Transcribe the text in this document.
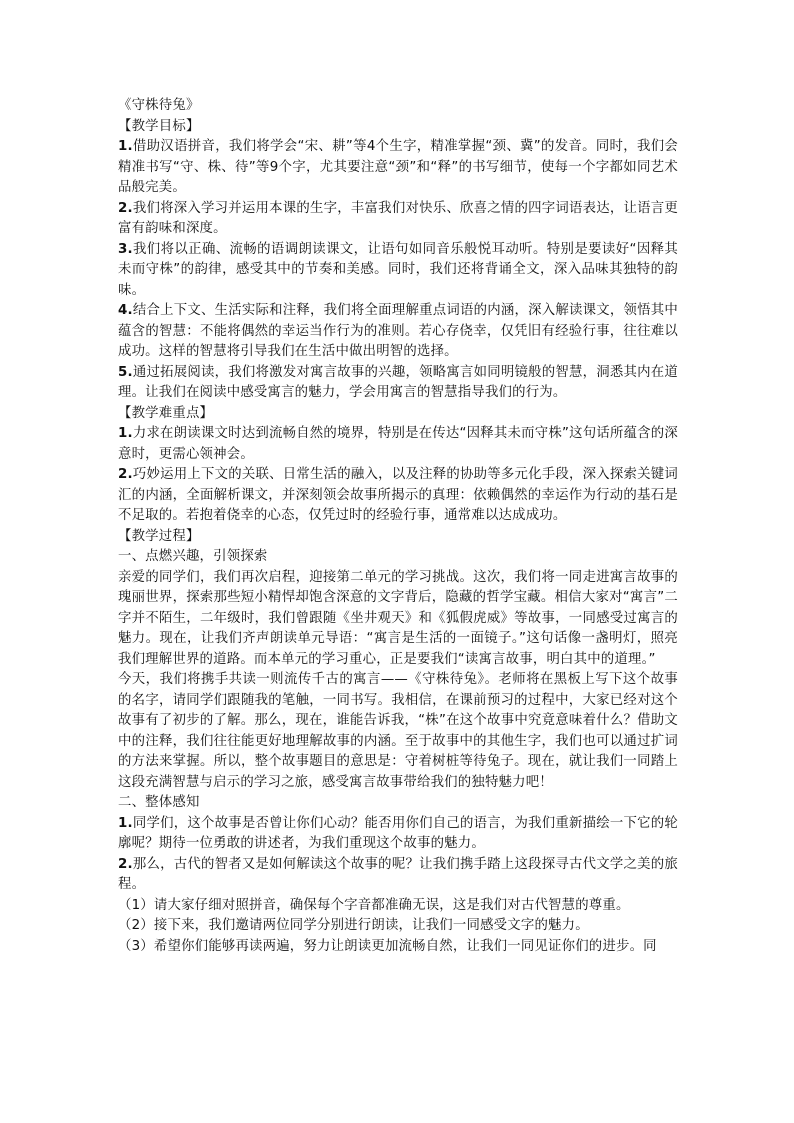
《守株待兔》

【教学目标】

1.借助汉语拼音，我们将学会“宋、耕”等4个生字，精准掌握“颈、冀”的发音。同时，我们会精准书写“守、株、待”等9个字，尤其要注意“颈”和“释”的书写细节，使每一个字都如同艺术品般完美。

2.我们将深入学习并运用本课的生字，丰富我们对快乐、欣喜之情的四字词语表达，让语言更富有韵味和深度。

3.我们将以正确、流畅的语调朗读课文，让语句如同音乐般悦耳动听。特别是要读好“因释其未而守株”的韵律，感受其中的节奏和美感。同时，我们还将背诵全文，深入品味其独特的韵味。

4.结合上下文、生活实际和注释，我们将全面理解重点词语的内涵，深入解读课文，领悟其中蕴含的智慧：不能将偶然的幸运当作行为的准则。若心存侥幸，仅凭旧有经验行事，往往难以成功。这样的智慧将引导我们在生活中做出明智的选择。

5.通过拓展阅读，我们将激发对寓言故事的兴趣，领略寓言如同明镜般的智慧，洞悉其内在道理。让我们在阅读中感受寓言的魅力，学会用寓言的智慧指导我们的行为。

【教学难重点】

1.力求在朗读课文时达到流畅自然的境界，特别是在传达“因释其未而守株”这句话所蕴含的深意时，更需心领神会。

2.巧妙运用上下文的关联、日常生活的融入，以及注释的协助等多元化手段，深入探索关键词汇的内涵，全面解析课文，并深刻领会故事所揭示的真理：依赖偶然的幸运作为行动的基石是不足取的。若抱着侥幸的心态，仅凭过时的经验行事，通常难以达成成功。

【教学过程】

一、点燃兴趣，引领探索

亲爱的同学们，我们再次启程，迎接第二单元的学习挑战。这次，我们将一同走进寓言故事的瑰丽世界，探索那些短小精悍却饱含深意的文字背后，隐藏的哲学宝藏。相信大家对“寓言”二字并不陌生，二年级时，我们曾跟随《坐井观天》和《狐假虎威》等故事，一同感受过寓言的魅力。现在，让我们齐声朗读单元导语：“寓言是生活的一面镜子。”这句话像一盏明灯，照亮我们理解世界的道路。而本单元的学习重心，正是要我们“读寓言故事，明白其中的道理。”

今天，我们将携手共读一则流传千古的寓言——《守株待兔》。老师将在黑板上写下这个故事的名字，请同学们跟随我的笔触，一同书写。我相信，在课前预习的过程中，大家已经对这个故事有了初步的了解。那么，现在，谁能告诉我，“株”在这个故事中究竟意味着什么？借助文中的注释，我们往往能更好地理解故事的内涵。至于故事中的其他生字，我们也可以通过扩词的方法来掌握。所以，整个故事题目的意思是：守着树桩等待兔子。现在，就让我们一同踏上这段充满智慧与启示的学习之旅，感受寓言故事带给我们的独特魅力吧！

二、整体感知

1.同学们，这个故事是否曾让你们心动？能否用你们自己的语言，为我们重新描绘一下它的轮廓呢？期待一位勇敢的讲述者，为我们重现这个故事的魅力。

2.那么，古代的智者又是如何解读这个故事的呢？让我们携手踏上这段探寻古代文学之美的旅程。

（1）请大家仔细对照拼音，确保每个字音都准确无误，这是我们对古代智慧的尊重。

（2）接下来，我们邀请两位同学分别进行朗读，让我们一同感受文字的魅力。

（3）希望你们能够再读两遍，努力让朗读更加流畅自然，让我们一同见证你们的进步。同
